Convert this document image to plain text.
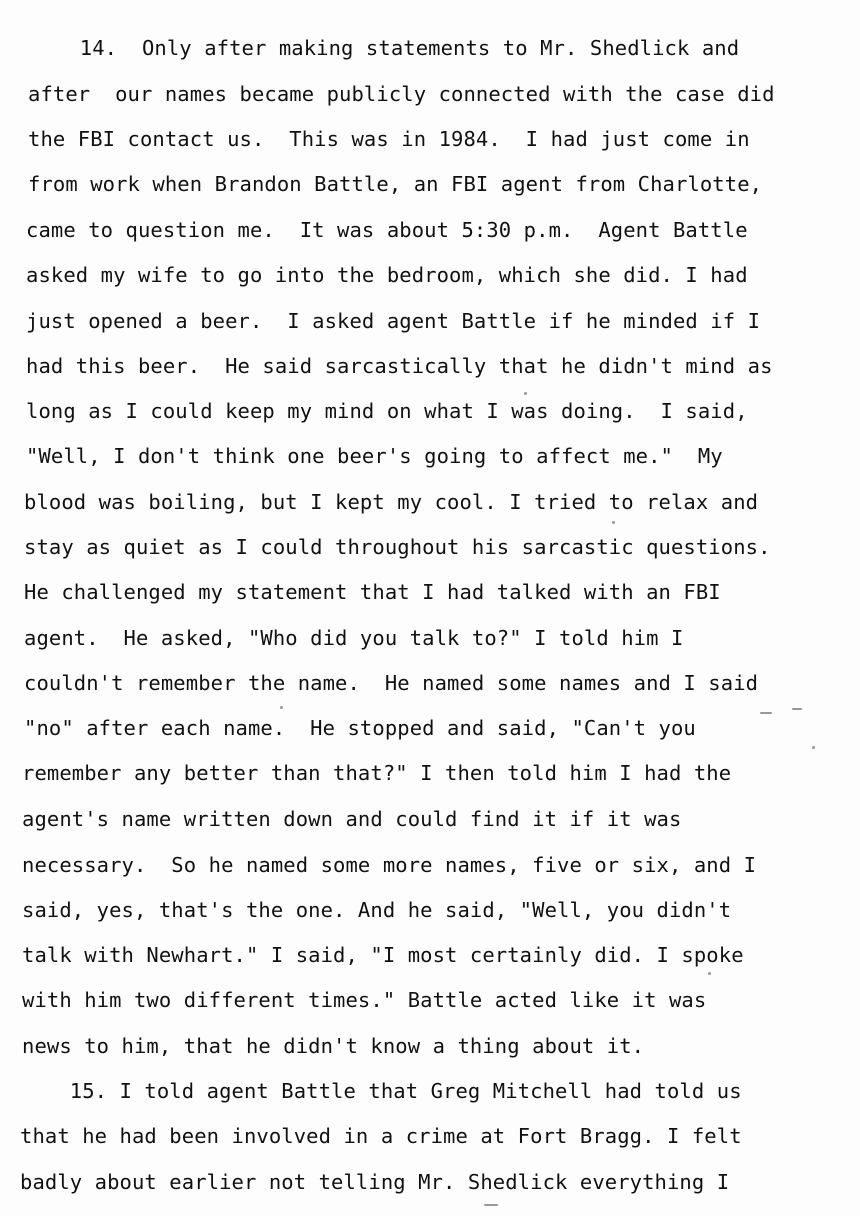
14.  Only after making statements to Mr. Shedlick and
after  our names became publicly connected with the case did
the FBI contact us.  This was in 1984.  I had just come in
from work when Brandon Battle, an FBI agent from Charlotte,
came to question me.  It was about 5:30 p.m.  Agent Battle
asked my wife to go into the bedroom, which she did. I had
just opened a beer.  I asked agent Battle if he minded if I
had this beer.  He said sarcastically that he didn't mind as
long as I could keep my mind on what I was doing.  I said,
"Well, I don't think one beer's going to affect me."  My
blood was boiling, but I kept my cool. I tried to relax and
stay as quiet as I could throughout his sarcastic questions.
He challenged my statement that I had talked with an FBI
agent.  He asked, "Who did you talk to?" I told him I
couldn't remember the name.  He named some names and I said
"no" after each name.  He stopped and said, "Can't you
remember any better than that?" I then told him I had the
agent's name written down and could find it if it was
necessary.  So he named some more names, five or six, and I
said, yes, that's the one. And he said, "Well, you didn't
talk with Newhart." I said, "I most certainly did. I spoke
with him two different times." Battle acted like it was
news to him, that he didn't know a thing about it.
15. I told agent Battle that Greg Mitchell had told us
that he had been involved in a crime at Fort Bragg. I felt
badly about earlier not telling Mr. Shedlick everything I
